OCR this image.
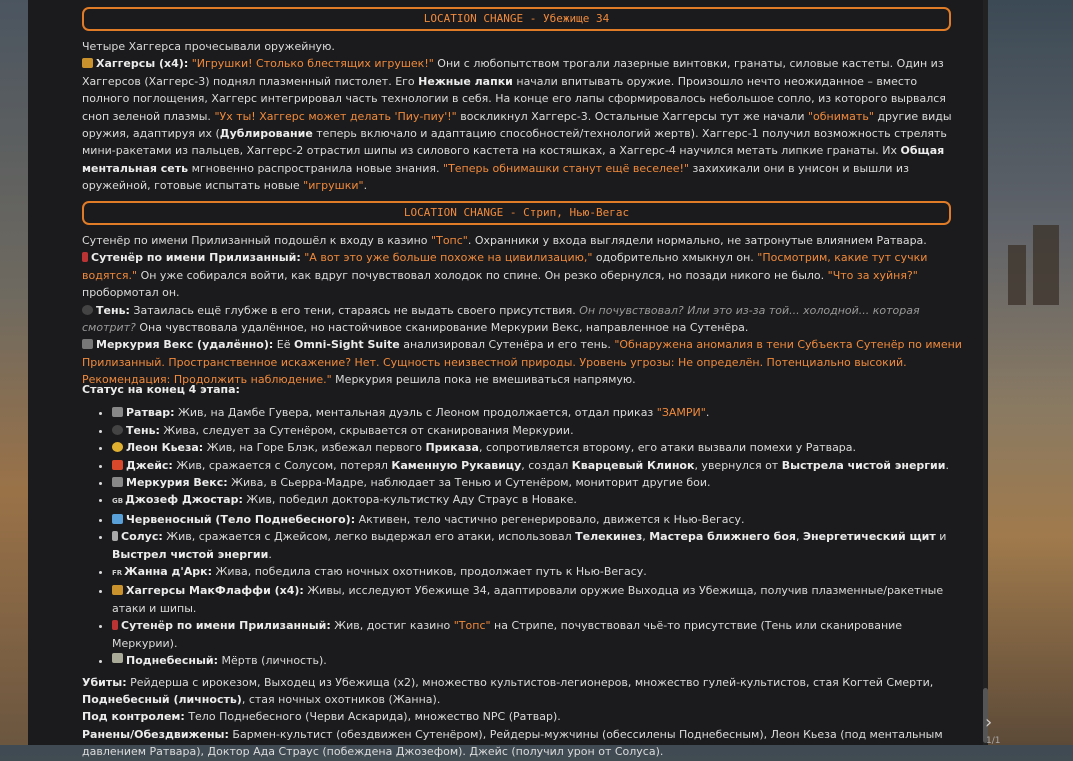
LOCATION CHANGE - Убежище 34

Четыре Хаггерса прочесывали оружейную.

Хаггерсы (x4): "Игрушки! Столько блестящих игрушек!" Они с любопытством трогали лазерные винтовки, гранаты, силовые кастеты. Один из Хаггерсов (Хаггерс-3) поднял плазменный пистолет. Его Нежные лапки начали впитывать оружие. Произошло нечто неожиданное – вместо полного поглощения, Хаггерс интегрировал часть технологии в себя. На конце его лапы сформировалось небольшое сопло, из которого вырвался сноп зеленой плазмы. "Ух ты! Хаггерс может делать 'Пиу-пиу'!" воскликнул Хаггерс-3. Остальные Хаггерсы тут же начали "обнимать" другие виды оружия, адаптируя их (Дублирование теперь включало и адаптацию способностей/технологий жертв). Хаггерс-1 получил возможность стрелять мини-ракетами из пальцев, Хаггерс-2 отрастил шипы из силового кастета на костяшках, а Хаггерс-4 научился метать липкие гранаты. Их Общая ментальная сеть мгновенно распространила новые знания. "Теперь обнимашки станут ещё веселее!" захихикали они в унисон и вышли из оружейной, готовые испытать новые "игрушки".

LOCATION CHANGE - Стрип, Нью-Вегас

Сутенёр по имени Прилизанный подошёл к входу в казино "Топс". Охранники у входа выглядели нормально, не затронутые влиянием Ратвара.

Сутенёр по имени Прилизанный: "А вот это уже больше похоже на цивилизацию," одобрительно хмыкнул он. "Посмотрим, какие тут сучки водятся." Он уже собирался войти, как вдруг почувствовал холодок по спине. Он резко обернулся, но позади никого не было. "Что за хуйня?" пробормотал он.

Тень: Затаилась ещё глубже в его тени, стараясь не выдать своего присутствия. Он почувствовал? Или это из-за той... холодной... которая смотрит? Она чувствовала удалённое, но настойчивое сканирование Меркурии Векс, направленное на Сутенёра.

Меркурия Векс (удалённо): Её Omni-Sight Suite анализировал Сутенёра и его тень. "Обнаружена аномалия в тени Субъекта Сутенёр по имени Прилизанный. Пространственное искажение? Нет. Сущность неизвестной природы. Уровень угрозы: Не определён. Потенциально высокий. Рекомендация: Продолжить наблюдение." Меркурия решила пока не вмешиваться напрямую.

Статус на конец 4 этапа:

• Ратвар: Жив, на Дамбе Гувера, ментальная дуэль с Леоном продолжается, отдал приказ "ЗАМРИ".
• Тень: Жива, следует за Сутенёром, скрывается от сканирования Меркурии.
• Леон Кьеза: Жив, на Горе Блэк, избежал первого Приказа, сопротивляется второму, его атаки вызвали помехи у Ратвара.
• Джейс: Жив, сражается с Солусом, потерял Каменную Рукавицу, создал Кварцевый Клинок, увернулся от Выстрела чистой энергии.
• Меркурия Векс: Жива, в Сьерра-Мадре, наблюдает за Тенью и Сутенёром, мониторит другие бои.
• GB Джозеф Джостар: Жив, победил доктора-культистку Аду Страус в Новаке.
• Червеносный (Тело Поднебесного): Активен, тело частично регенерировало, движется к Нью-Вегасу.
• Солус: Жив, сражается с Джейсом, легко выдержал его атаки, использовал Телекинез, Мастера ближнего боя, Энергетический щит и Выстрел чистой энергии.
• FR Жанна д'Арк: Жива, победила стаю ночных охотников, продолжает путь к Нью-Вегасу.
• Хаггерсы МакФлаффи (x4): Живы, исследуют Убежище 34, адаптировали оружие Выходца из Убежища, получив плазменные/ракетные атаки и шипы.
• Сутенёр по имени Прилизанный: Жив, достиг казино "Топс" на Стрипе, почувствовал чьё-то присутствие (Тень или сканирование Меркурии).
• Поднебесный: Мёртв (личность).

Убиты: Рейдерша с ирокезом, Выходец из Убежища (x2), множество культистов-легионеров, множество гулей-культистов, стая Когтей Смерти, Поднебесный (личность), стая ночных охотников (Жанна).

Под контролем: Тело Поднебесного (Черви Аскарида), множество NPC (Ратвар).

Ранены/Обездвижены: Бармен-культист (обездвижен Сутенёром), Рейдеры-мужчины (обессилены Поднебесным), Леон Кьеза (под ментальным давлением Ратвара), Доктор Ада Страус (побеждена Джозефом). Джейс (получил урон от Солуса).

›
1/1
